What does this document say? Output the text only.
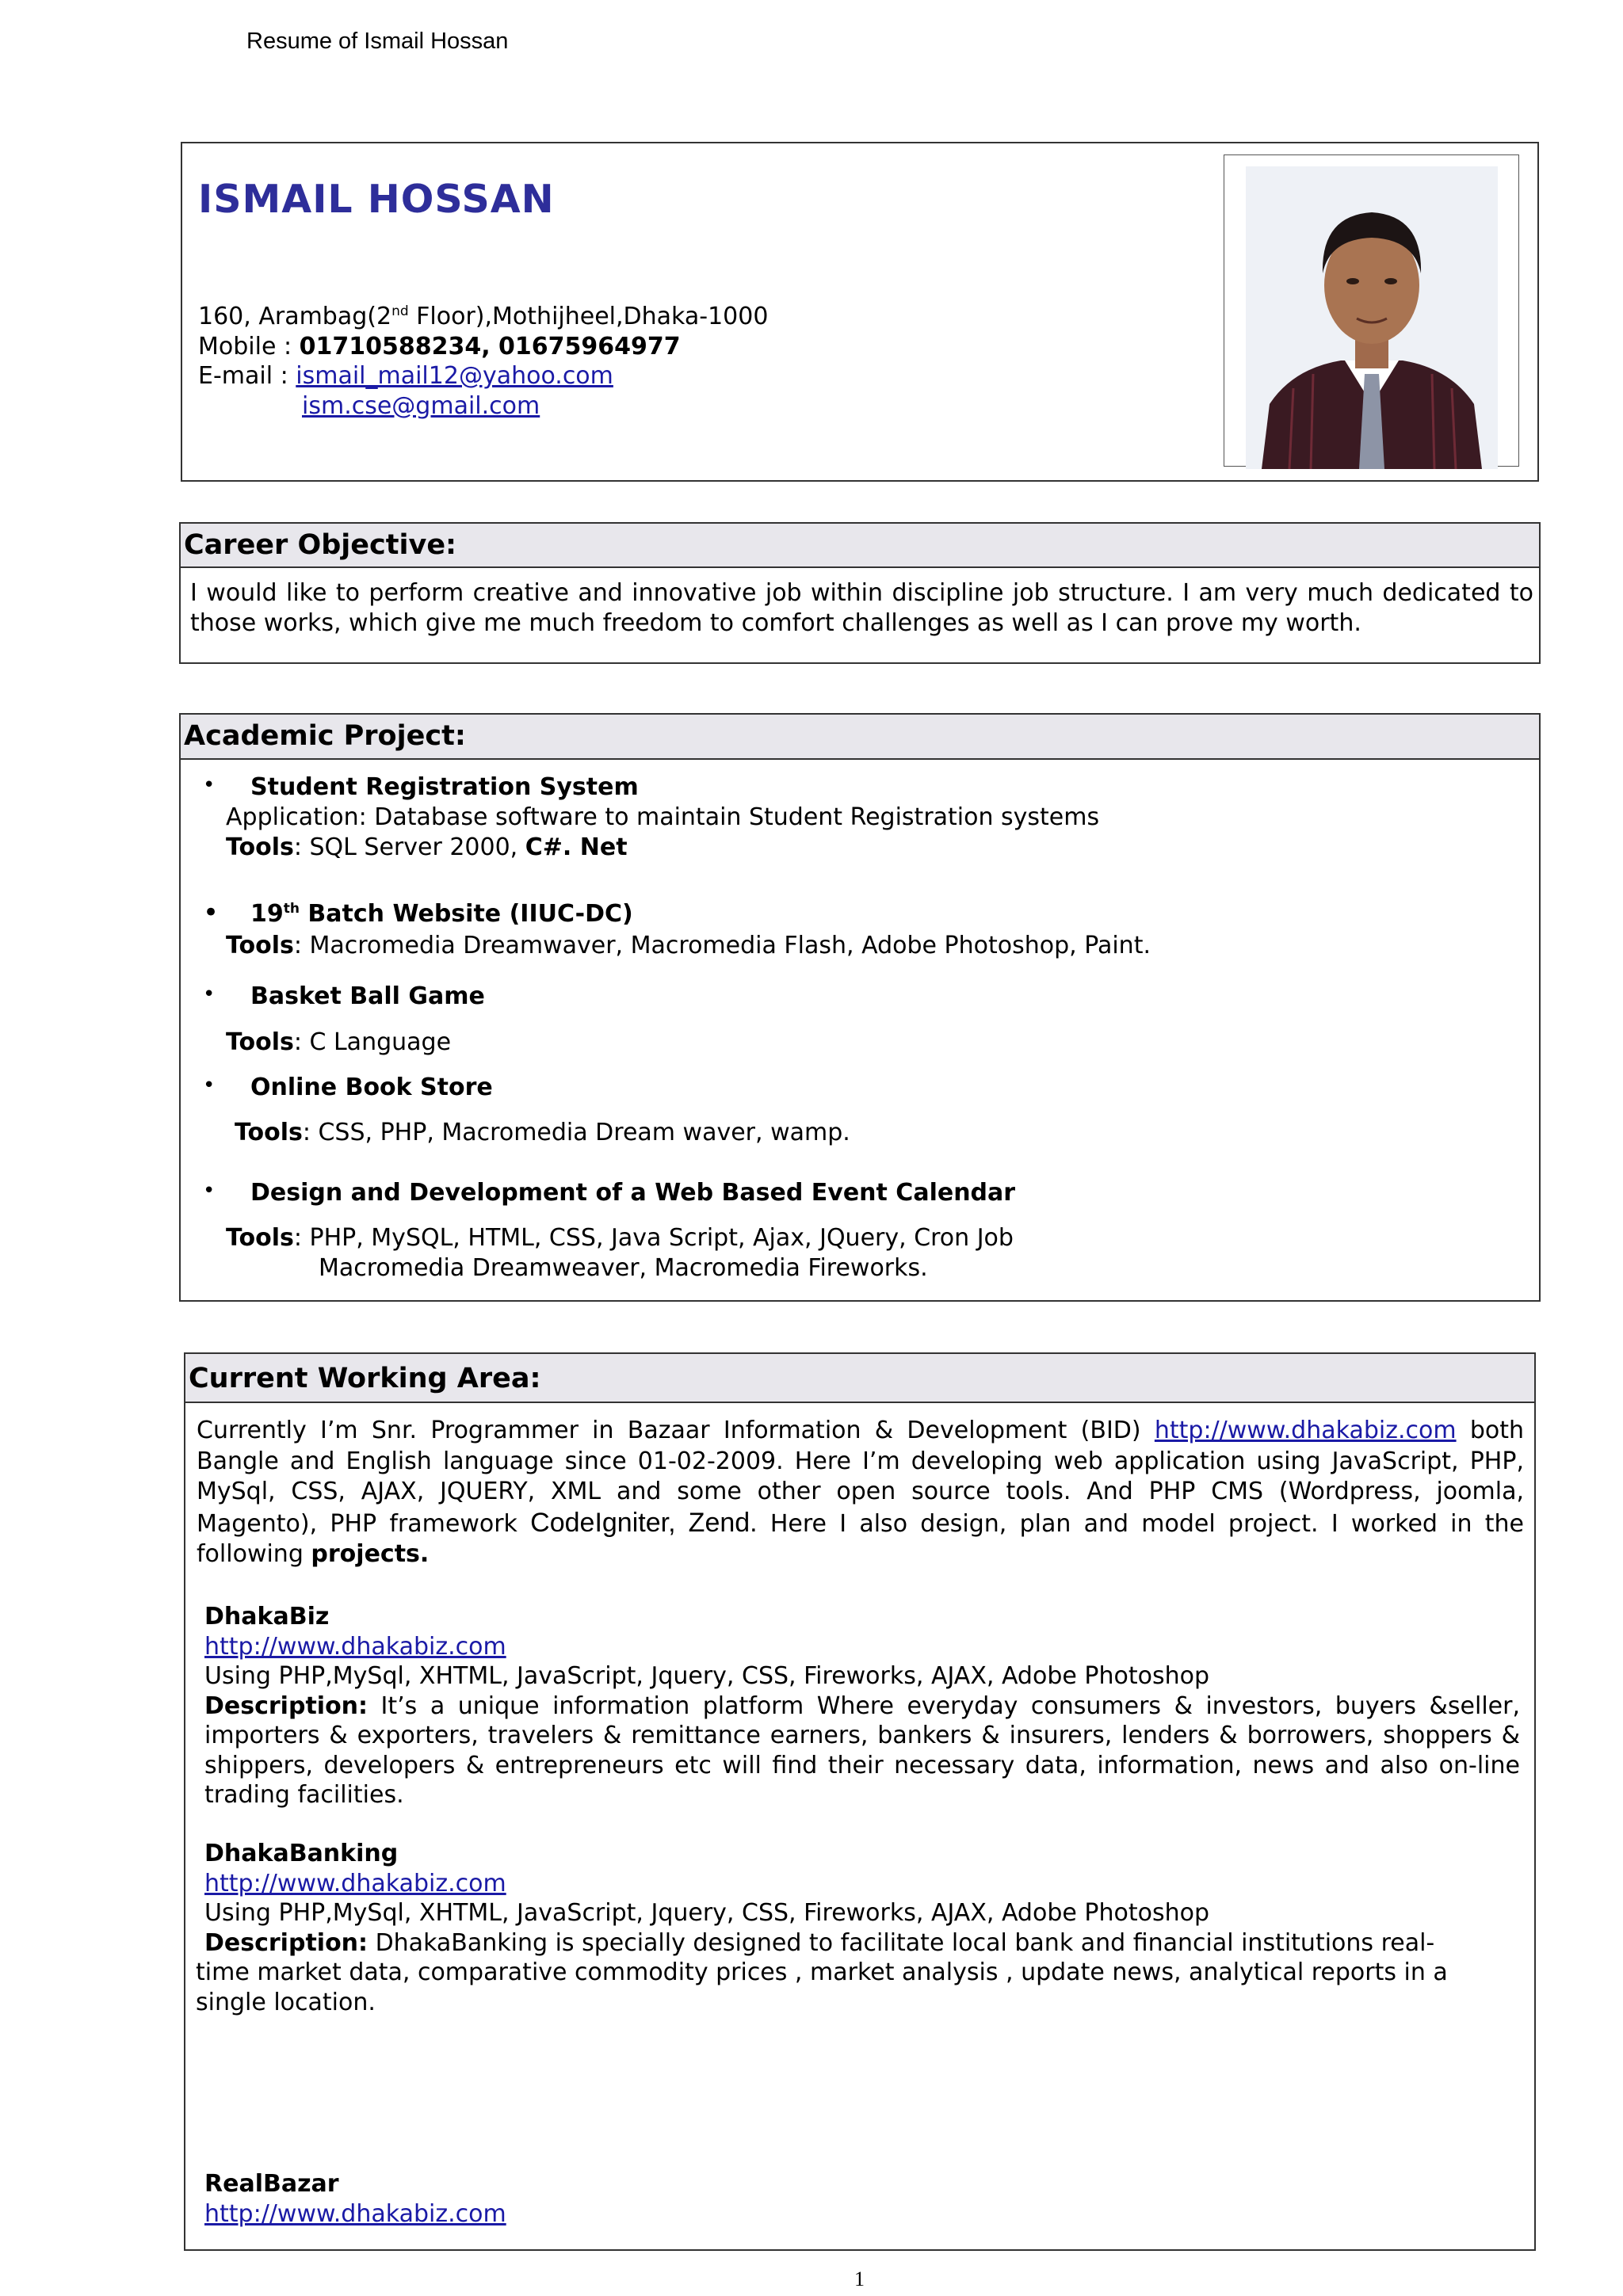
Resume of Ismail Hossan
ISMAIL HOSSAN
160, Arambag(2nd Floor),Mothijheel,Dhaka-1000
Mobile : 01710588234, 01675964977
E-mail : ismail_mail12@yahoo.com
ism.cse@gmail.com
Career Objective:
I would like to perform creative and innovative job within discipline job structure. I am very much dedicated to those works, which give me much freedom to comfort challenges as well as I can prove my worth.
Academic Project:
• Student Registration System
Application: Database software to maintain Student Registration systems
Tools: SQL Server 2000, C#. Net
• 19th Batch Website (IIUC-DC)
Tools: Macromedia Dreamwaver, Macromedia Flash, Adobe Photoshop, Paint.
• Basket Ball Game
Tools: C Language
• Online Book Store
Tools: CSS, PHP, Macromedia Dream waver, wamp.
• Design and Development of a Web Based Event Calendar
Tools: PHP, MySQL, HTML, CSS, Java Script, Ajax, JQuery, Cron Job
Macromedia Dreamweaver, Macromedia Fireworks.
Current Working Area:
Currently I’m Snr. Programmer in Bazaar Information & Development (BID) http://www.dhakabiz.com both Bangle and English language since 01-02-2009. Here I’m developing web application using JavaScript, PHP, MySql, CSS, AJAX, JQUERY, XML and some other open source tools. And PHP CMS (Wordpress, joomla, Magento), PHP framework CodeIgniter, Zend. Here I also design, plan and model project. I worked in the following projects.
DhakaBiz
http://www.dhakabiz.com
Using PHP,MySql, XHTML, JavaScript, Jquery, CSS, Fireworks, AJAX, Adobe Photoshop
Description: It’s a unique information platform Where everyday consumers & investors, buyers &seller, importers & exporters, travelers & remittance earners, bankers & insurers, lenders & borrowers, shoppers & shippers, developers & entrepreneurs etc will find their necessary data, information, news and also on-line trading facilities.
DhakaBanking
http://www.dhakabiz.com
Using PHP,MySql, XHTML, JavaScript, Jquery, CSS, Fireworks, AJAX, Adobe Photoshop
Description: DhakaBanking is specially designed to facilitate local bank and financial institutions real-
time market data, comparative commodity prices , market analysis , update news, analytical reports in a single location.
RealBazar
http://www.dhakabiz.com
1
